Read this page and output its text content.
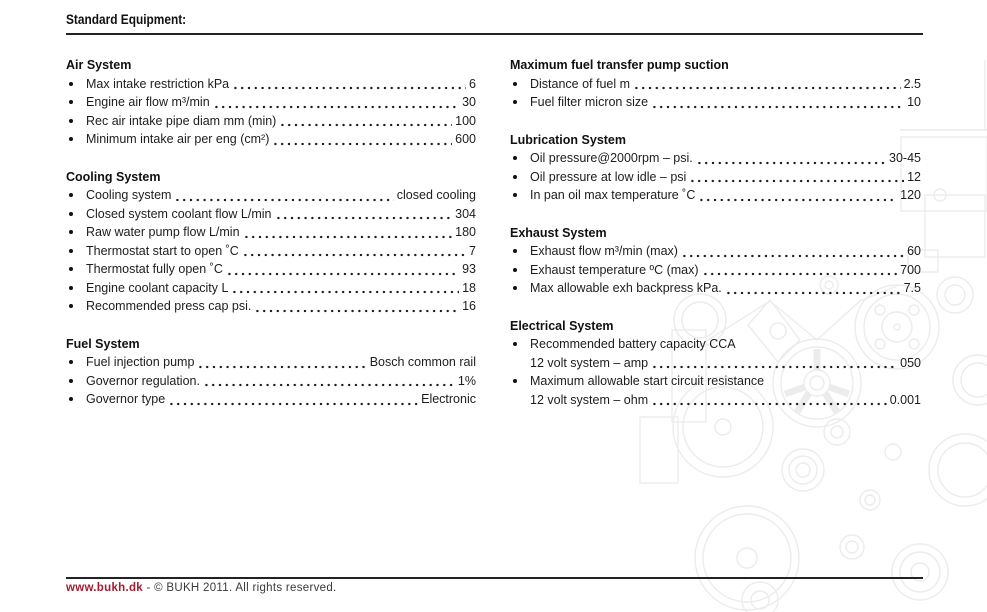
Standard Equipment:
Air System
Max intake restriction kPa	6
Engine air flow m³/min	30
Rec air intake pipe diam mm (min)	100
Minimum intake air per eng (cm²)	600
Cooling System
Cooling system	closed cooling
Closed system coolant flow L/min	304
Raw water pump flow L/min	180
Thermostat start to open ˚C	7
Thermostat fully open ˚C	93
Engine coolant capacity L	18
Recommended press cap psi.	16
Fuel System
Fuel injection pump	Bosch common rail
Governor regulation.	1%
Governor type	Electronic
Maximum fuel transfer pump suction
Distance of fuel m	2.5
Fuel filter micron size	10
Lubrication System
Oil pressure@2000rpm – psi.	30-45
Oil pressure at low idle – psi	12
In pan oil max temperature ˚C	120
Exhaust System
Exhaust flow m³/min (max)	60
Exhaust temperature ºC (max)	700
Max allowable exh backpress kPa.	7.5
Electrical System
Recommended battery capacity CCA
12 volt system – amp	050
Maximum allowable start circuit resistance
12 volt system – ohm	0.001
www.bukh.dk - © BUKH 2011. All rights reserved.
